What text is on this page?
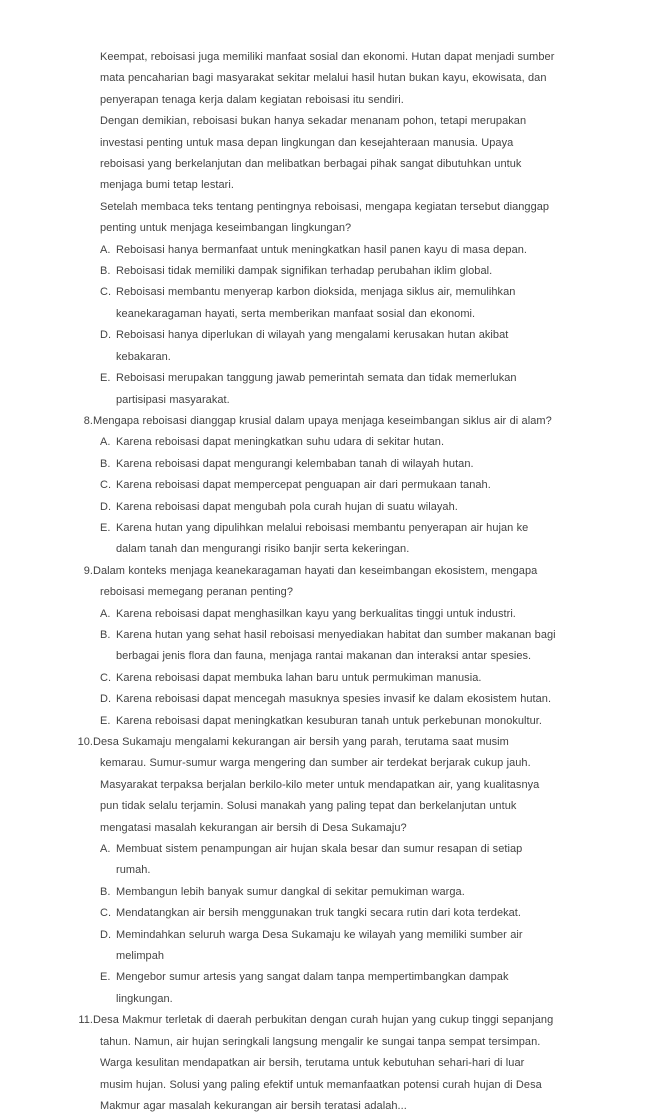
Keempat, reboisasi juga memiliki manfaat sosial dan ekonomi. Hutan dapat menjadi sumber mata pencaharian bagi masyarakat sekitar melalui hasil hutan bukan kayu, ekowisata, dan penyerapan tenaga kerja dalam kegiatan reboisasi itu sendiri.
Dengan demikian, reboisasi bukan hanya sekadar menanam pohon, tetapi merupakan investasi penting untuk masa depan lingkungan dan kesejahteraan manusia. Upaya reboisasi yang berkelanjutan dan melibatkan berbagai pihak sangat dibutuhkan untuk menjaga bumi tetap lestari.
Setelah membaca teks tentang pentingnya reboisasi, mengapa kegiatan tersebut dianggap penting untuk menjaga keseimbangan lingkungan?
A. Reboisasi hanya bermanfaat untuk meningkatkan hasil panen kayu di masa depan.
B. Reboisasi tidak memiliki dampak signifikan terhadap perubahan iklim global.
C. Reboisasi membantu menyerap karbon dioksida, menjaga siklus air, memulihkan keanekaragaman hayati, serta memberikan manfaat sosial dan ekonomi.
D. Reboisasi hanya diperlukan di wilayah yang mengalami kerusakan hutan akibat kebakaran.
E. Reboisasi merupakan tanggung jawab pemerintah semata dan tidak memerlukan partisipasi masyarakat.
8. Mengapa reboisasi dianggap krusial dalam upaya menjaga keseimbangan siklus air di alam?
A. Karena reboisasi dapat meningkatkan suhu udara di sekitar hutan.
B. Karena reboisasi dapat mengurangi kelembaban tanah di wilayah hutan.
C. Karena reboisasi dapat mempercepat penguapan air dari permukaan tanah.
D. Karena reboisasi dapat mengubah pola curah hujan di suatu wilayah.
E. Karena hutan yang dipulihkan melalui reboisasi membantu penyerapan air hujan ke dalam tanah dan mengurangi risiko banjir serta kekeringan.
9. Dalam konteks menjaga keanekaragaman hayati dan keseimbangan ekosistem, mengapa reboisasi memegang peranan penting?
A. Karena reboisasi dapat menghasilkan kayu yang berkualitas tinggi untuk industri.
B. Karena hutan yang sehat hasil reboisasi menyediakan habitat dan sumber makanan bagi berbagai jenis flora dan fauna, menjaga rantai makanan dan interaksi antar spesies.
C. Karena reboisasi dapat membuka lahan baru untuk permukiman manusia.
D. Karena reboisasi dapat mencegah masuknya spesies invasif ke dalam ekosistem hutan.
E. Karena reboisasi dapat meningkatkan kesuburan tanah untuk perkebunan monokultur.
10. Desa Sukamaju mengalami kekurangan air bersih yang parah, terutama saat musim kemarau. Sumur-sumur warga mengering dan sumber air terdekat berjarak cukup jauh. Masyarakat terpaksa berjalan berkilo-kilo meter untuk mendapatkan air, yang kualitasnya pun tidak selalu terjamin. Solusi manakah yang paling tepat dan berkelanjutan untuk mengatasi masalah kekurangan air bersih di Desa Sukamaju?
A. Membuat sistem penampungan air hujan skala besar dan sumur resapan di setiap rumah.
B. Membangun lebih banyak sumur dangkal di sekitar pemukiman warga.
C. Mendatangkan air bersih menggunakan truk tangki secara rutin dari kota terdekat.
D. Memindahkan seluruh warga Desa Sukamaju ke wilayah yang memiliki sumber air melimpah
E. Mengebor sumur artesis yang sangat dalam tanpa mempertimbangkan dampak lingkungan.
11. Desa Makmur terletak di daerah perbukitan dengan curah hujan yang cukup tinggi sepanjang tahun. Namun, air hujan seringkali langsung mengalir ke sungai tanpa sempat tersimpan. Warga kesulitan mendapatkan air bersih, terutama untuk kebutuhan sehari-hari di luar musim hujan. Solusi yang paling efektif untuk memanfaatkan potensi curah hujan di Desa Makmur agar masalah kekurangan air bersih teratasi adalah...
